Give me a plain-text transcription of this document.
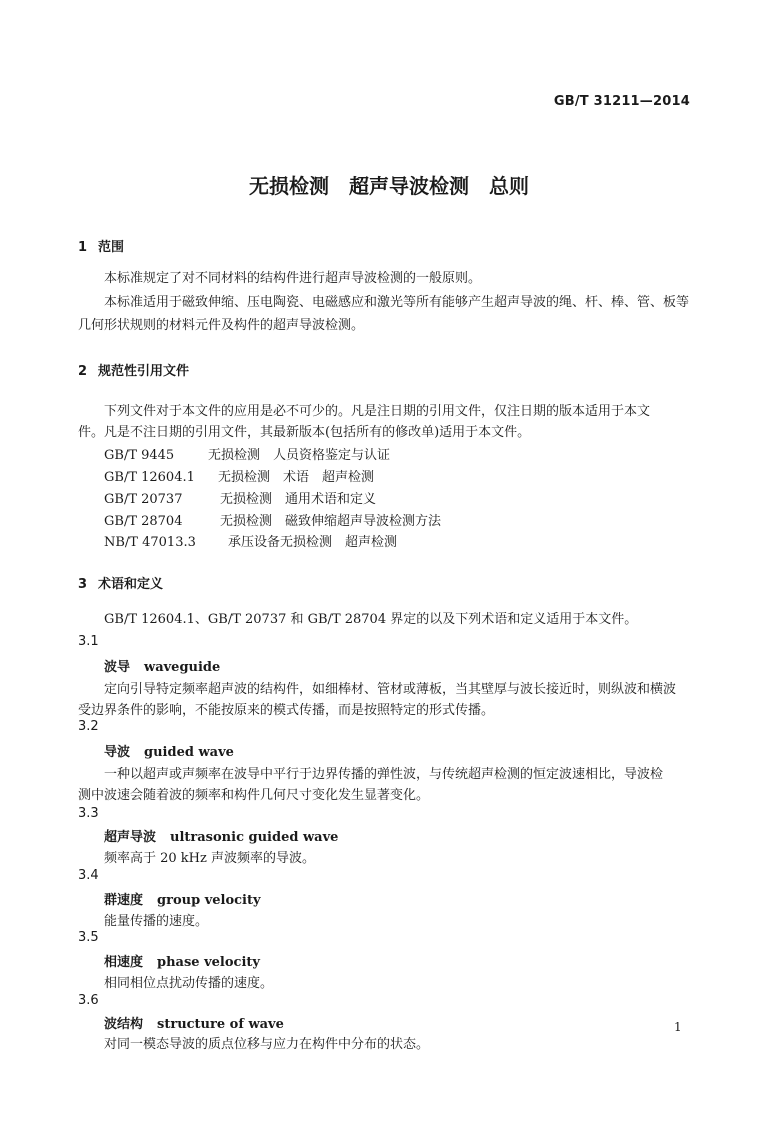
GB/T 31211—2014
无损检测　超声导波检测　总则
1 范围
本标准规定了对不同材料的结构件进行超声导波检测的一般原则。
本标准适用于磁致伸缩、压电陶瓷、电磁感应和激光等所有能够产生超声导波的绳、杆、棒、管、板等
几何形状规则的材料元件及构件的超声导波检测。
2 规范性引用文件
下列文件对于本文件的应用是必不可少的。凡是注日期的引用文件，仅注日期的版本适用于本文
件。凡是不注日期的引用文件，其最新版本(包括所有的修改单)适用于本文件。
GB/T 9445	无损检测　人员资格鉴定与认证
GB/T 12604.1 无损检测　术语　超声检测
GB/T 20737	无损检测　通用术语和定义
GB/T 28704	无损检测　磁致伸缩超声导波检测方法
NB/T 47013.3 承压设备无损检测　超声检测
3 术语和定义
GB/T 12604.1、GB/T 20737 和 GB/T 28704 界定的以及下列术语和定义适用于本文件。
3.1
波导 waveguide
定向引导特定频率超声波的结构件，如细棒材、管材或薄板，当其壁厚与波长接近时，则纵波和横波
受边界条件的影响，不能按原来的模式传播，而是按照特定的形式传播。
3.2
导波 guided wave
一种以超声或声频率在波导中平行于边界传播的弹性波，与传统超声检测的恒定波速相比，导波检
测中波速会随着波的频率和构件几何尺寸变化发生显著变化。
3.3
超声导波 ultrasonic guided wave
频率高于 20 kHz 声波频率的导波。
3.4
群速度 group velocity
能量传播的速度。
3.5
相速度 phase velocity
相同相位点扰动传播的速度。
3.6
波结构 structure of wave
对同一模态导波的质点位移与应力在构件中分布的状态。
1
